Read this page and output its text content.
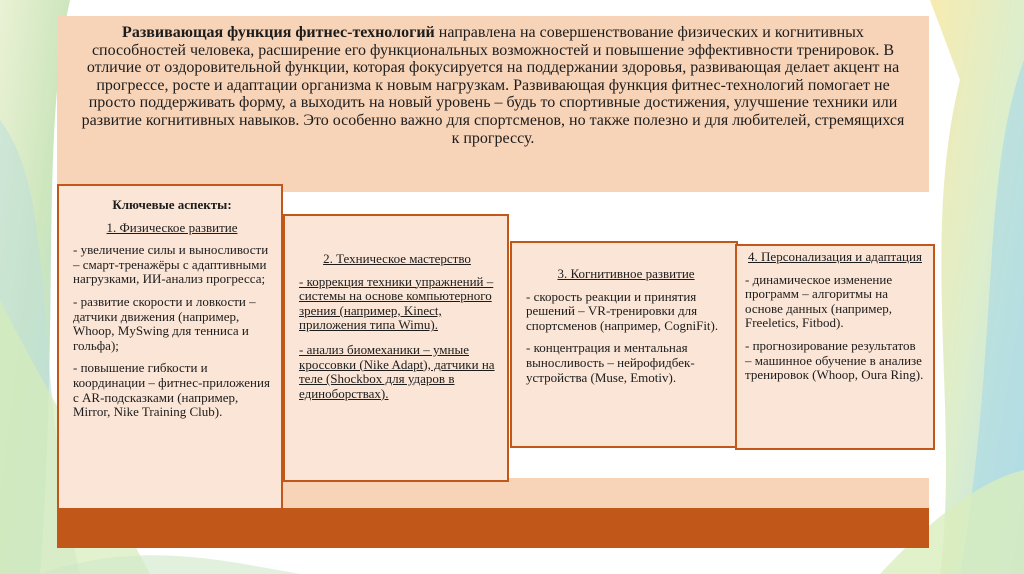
Развивающая функция фитнес-технологий направлена на совершенствование физических и когнитивных способностей человека, расширение его функциональных возможностей и повышение эффективности тренировок. В отличие от оздоровительной функции, которая фокусируется на поддержании здоровья, развивающая делает акцент на прогрессе, росте и адаптации организма к новым нагрузкам. Развивающая функция фитнес-технологий помогает не просто поддерживать форму, а выходить на новый уровень – будь то спортивные достижения, улучшение техники или развитие когнитивных навыков. Это особенно важно для спортсменов, но также полезно и для любителей, стремящихся к прогрессу.

Ключевые аспекты:

1. Физическое развитие

- увеличение силы и выносливости – смарт-тренажёры с адаптивными нагрузками, ИИ-анализ прогресса;

- развитие скорости и ловкости – датчики движения (например, Whoop, MySwing для тенниса и гольфа);

- повышение гибкости и координации – фитнес-приложения с AR-подсказками (например, Mirror, Nike Training Club).

2. Техническое мастерство

- коррекция техники упражнений – системы на основе компьютерного зрения (например, Kinect, приложения типа Wimu).

- анализ биомеханики – умные кроссовки (Nike Adapt), датчики на теле (Shockbox для ударов в единоборствах).

3. Когнитивное развитие

- скорость реакции и принятия решений – VR-тренировки для спортсменов (например, CogniFit).

- концентрация и ментальная выносливость – нейрофидбек-устройства (Muse, Emotiv).

4. Персонализация и адаптация

- динамическое изменение программ – алгоритмы на основе данных (например, Freeletics, Fitbod).

- прогнозирование результатов – машинное обучение в анализе тренировок (Whoop, Oura Ring).
